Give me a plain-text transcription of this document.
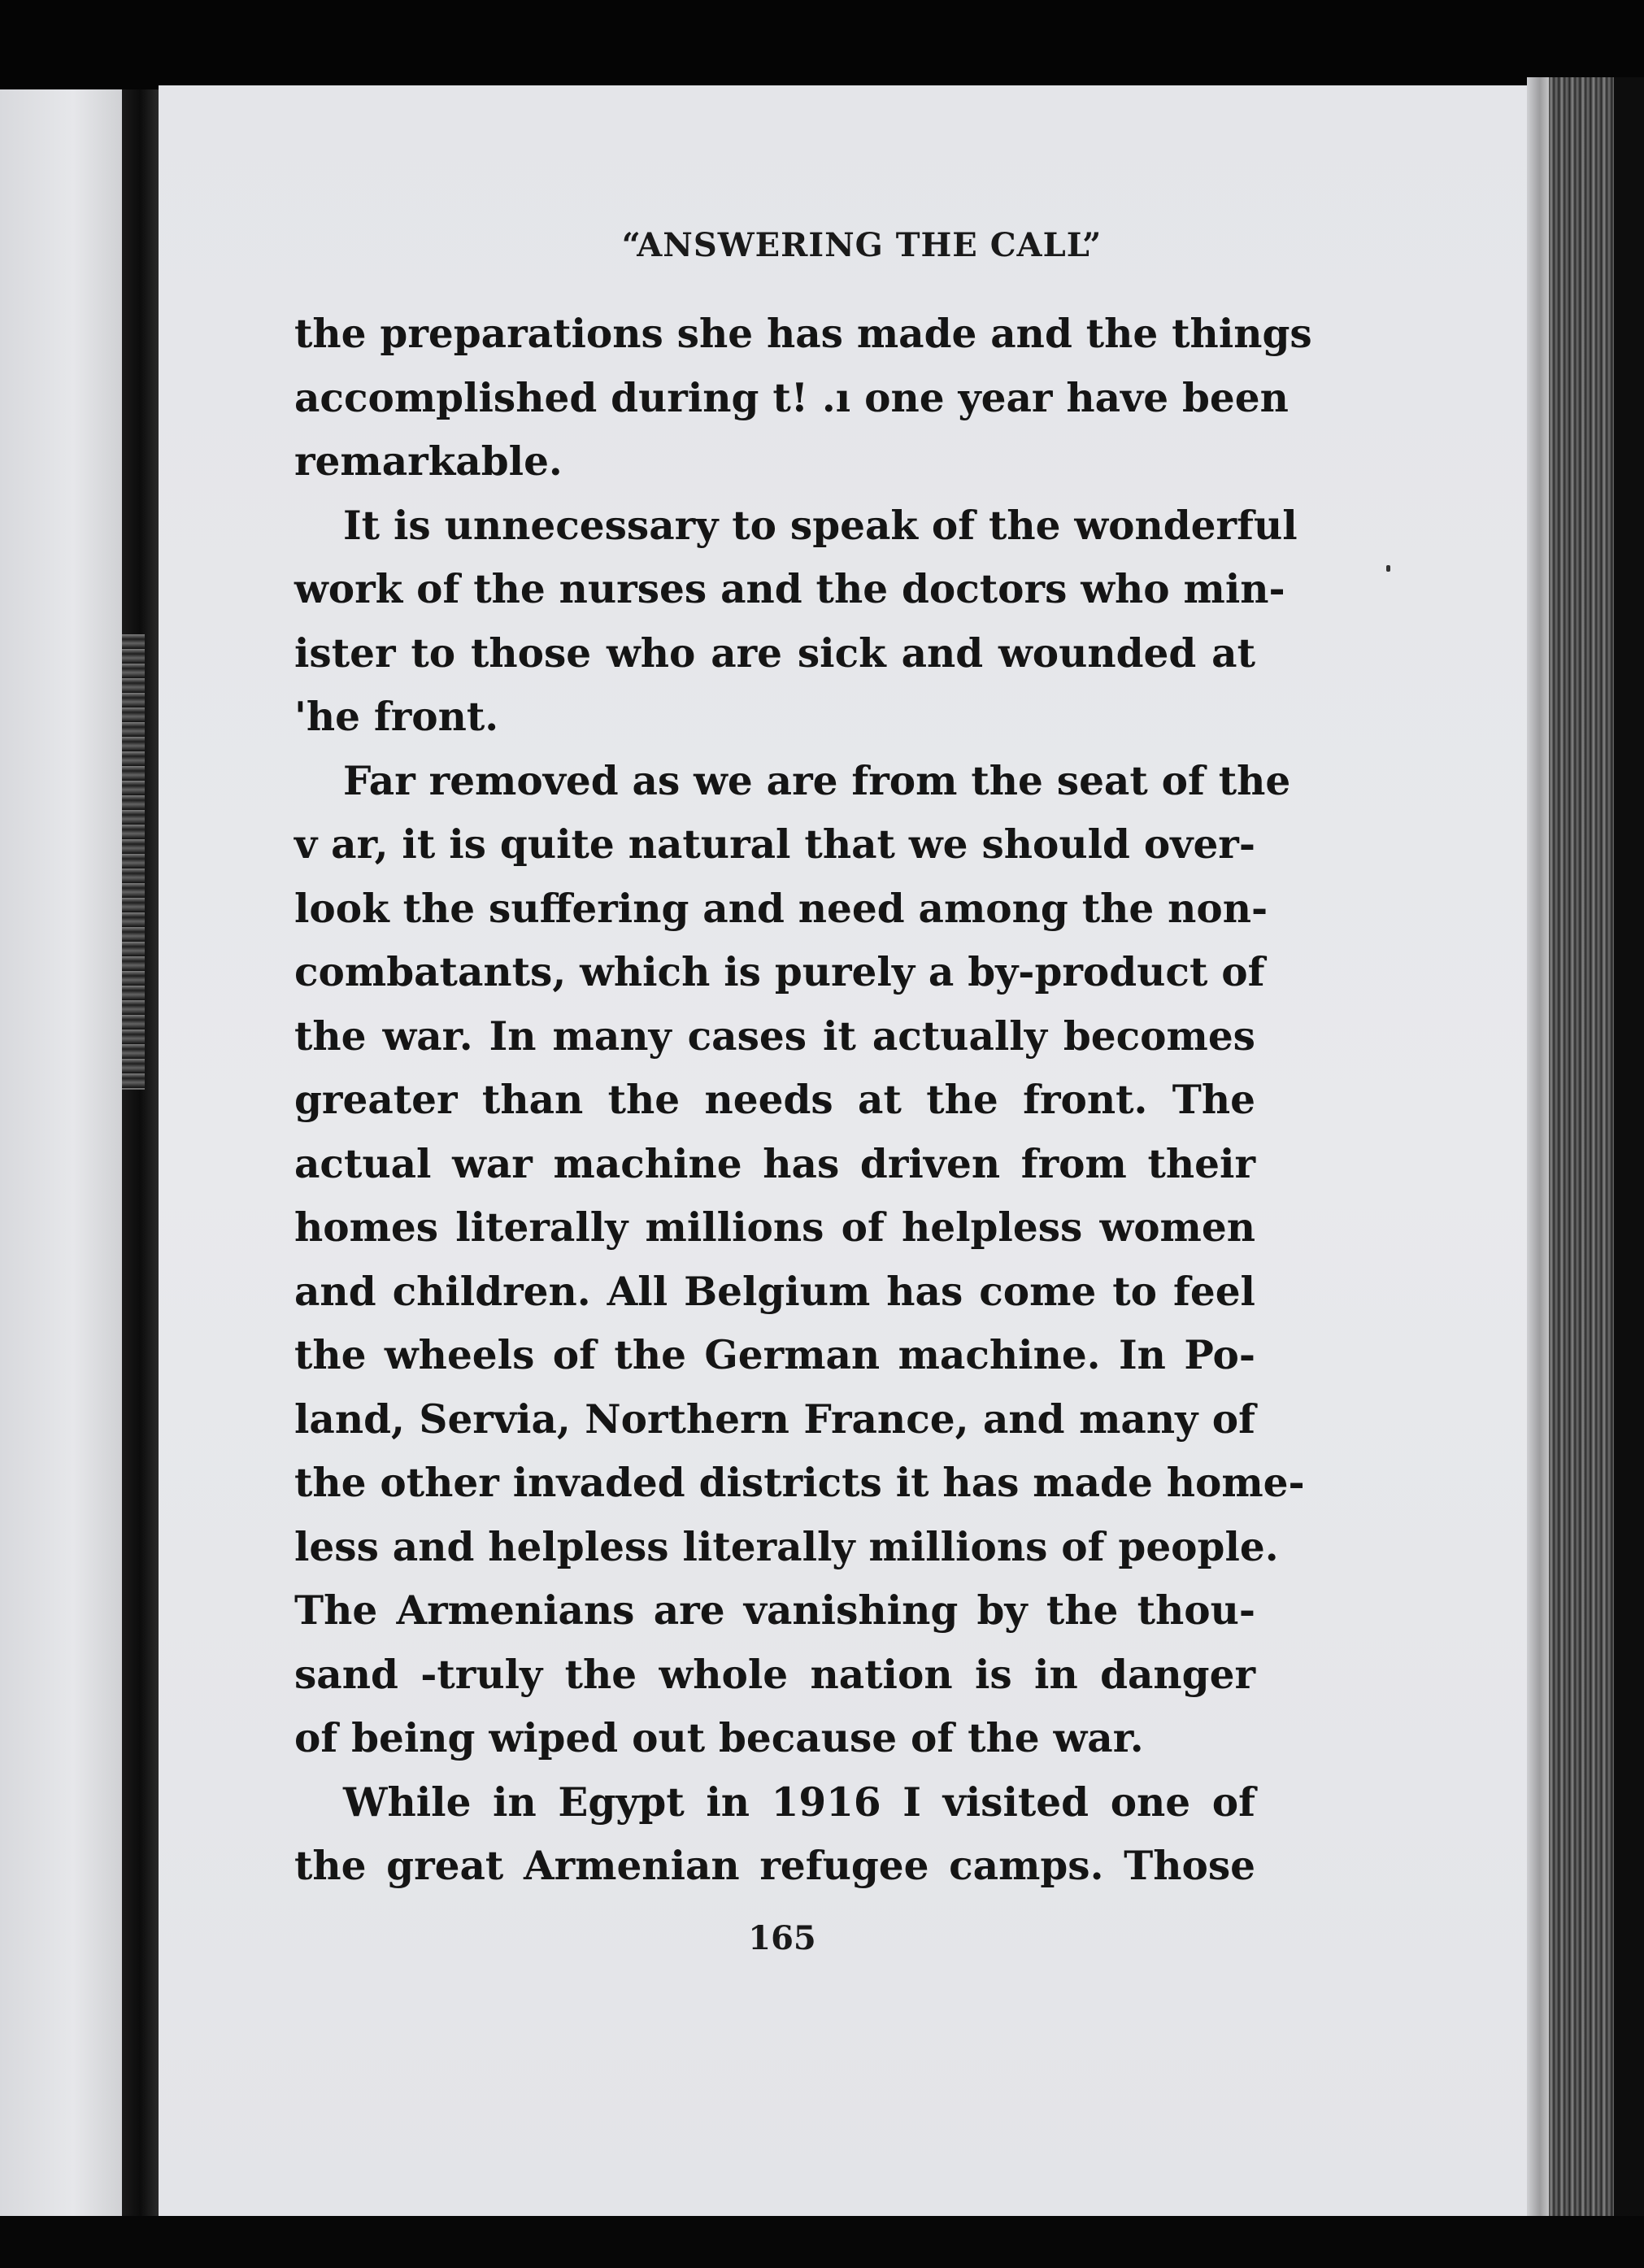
“ANSWERING THE CALL”
the preparations she has made and the things
accomplished during t! .ı one year have been
remarkable.
It is unnecessary to speak of the wonderful
work of the nurses and the doctors who min-
ister to those who are sick and wounded at
'he front.
Far removed as we are from the seat of the
v ar, it is quite natural that we should over-
look the suffering and need among the non-
combatants, which is purely a by-product of
the war. In many cases it actually becomes
greater than the needs at the front. The
actual war machine has driven from their
homes literally millions of helpless women
and children. All Belgium has come to feel
the wheels of the German machine. In Po-
land, Servia, Northern France, and many of
the other invaded districts it has made home-
less and helpless literally millions of people.
The Armenians are vanishing by the thou-
sand -truly the whole nation is in danger
of being wiped out because of the war.
While in Egypt in 1916 I visited one of
the great Armenian refugee camps. Those
165
